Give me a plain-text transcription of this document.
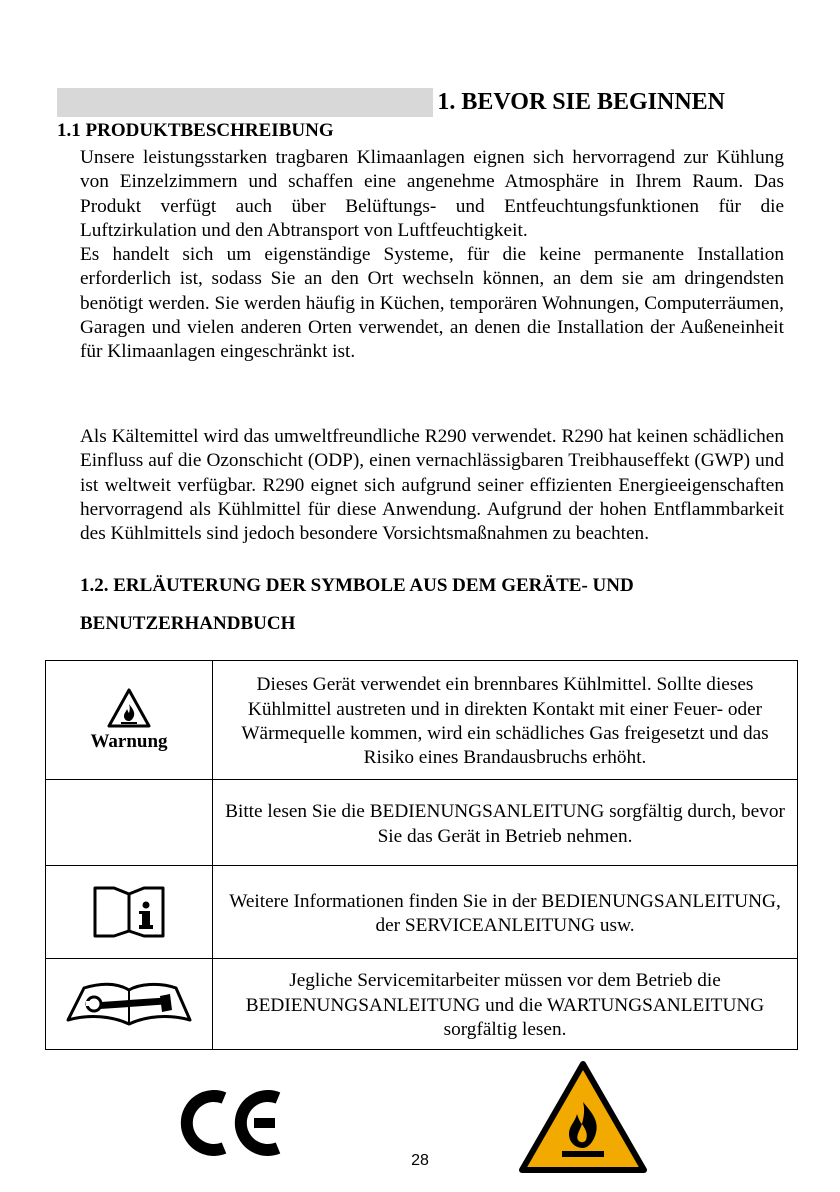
1. BEVOR SIE BEGINNEN
1.1 PRODUKTBESCHREIBUNG

Unsere leistungsstarken tragbaren Klimaanlagen eignen sich hervorragend zur Kühlung von Einzelzimmern und schaffen eine angenehme Atmosphäre in Ihrem Raum. Das Produkt verfügt auch über Belüftungs- und Entfeuchtungsfunktionen für die Luftzirkulation und den Abtransport von Luftfeuchtigkeit.

Es handelt sich um eigenständige Systeme, für die keine permanente Installation erforderlich ist, sodass Sie an den Ort wechseln können, an dem sie am dringendsten benötigt werden. Sie werden häufig in Küchen, temporären Wohnungen, Computerräumen, Garagen und vielen anderen Orten verwendet, an denen die Installation der Außeneinheit für Klimaanlagen eingeschränkt ist.

Als Kältemittel wird das umweltfreundliche R290 verwendet. R290 hat keinen schädlichen Einfluss auf die Ozonschicht (ODP), einen vernachlässigbaren Treibhauseffekt (GWP) und ist weltweit verfügbar. R290 eignet sich aufgrund seiner effizienten Energieeigenschaften hervorragend als Kühlmittel für diese Anwendung. Aufgrund der hohen Entflammbarkeit des Kühlmittels sind jedoch besondere Vorsichtsmaßnahmen zu beachten.

1.2. ERLÄUTERUNG DER SYMBOLE AUS DEM GERÄTE- UND
BENUTZERHANDBUCH
Warnung	Dieses Gerät verwendet ein brennbares Kühlmittel. Sollte dieses Kühlmittel austreten und in direkten Kontakt mit einer Feuer- oder Wärmequelle kommen, wird ein schädliches Gas freigesetzt und das Risiko eines Brandausbruchs erhöht.
	Bitte lesen Sie die BEDIENUNGSANLEITUNG sorgfältig durch, bevor Sie das Gerät in Betrieb nehmen.

	Weitere Informationen finden Sie in der BEDIENUNGSANLEITUNG, der SERVICEANLEITUNG usw.

	Jegliche Servicemitarbeiter müssen vor dem Betrieb die BEDIENUNGSANLEITUNG und die WARTUNGSANLEITUNG sorgfältig lesen.
28
